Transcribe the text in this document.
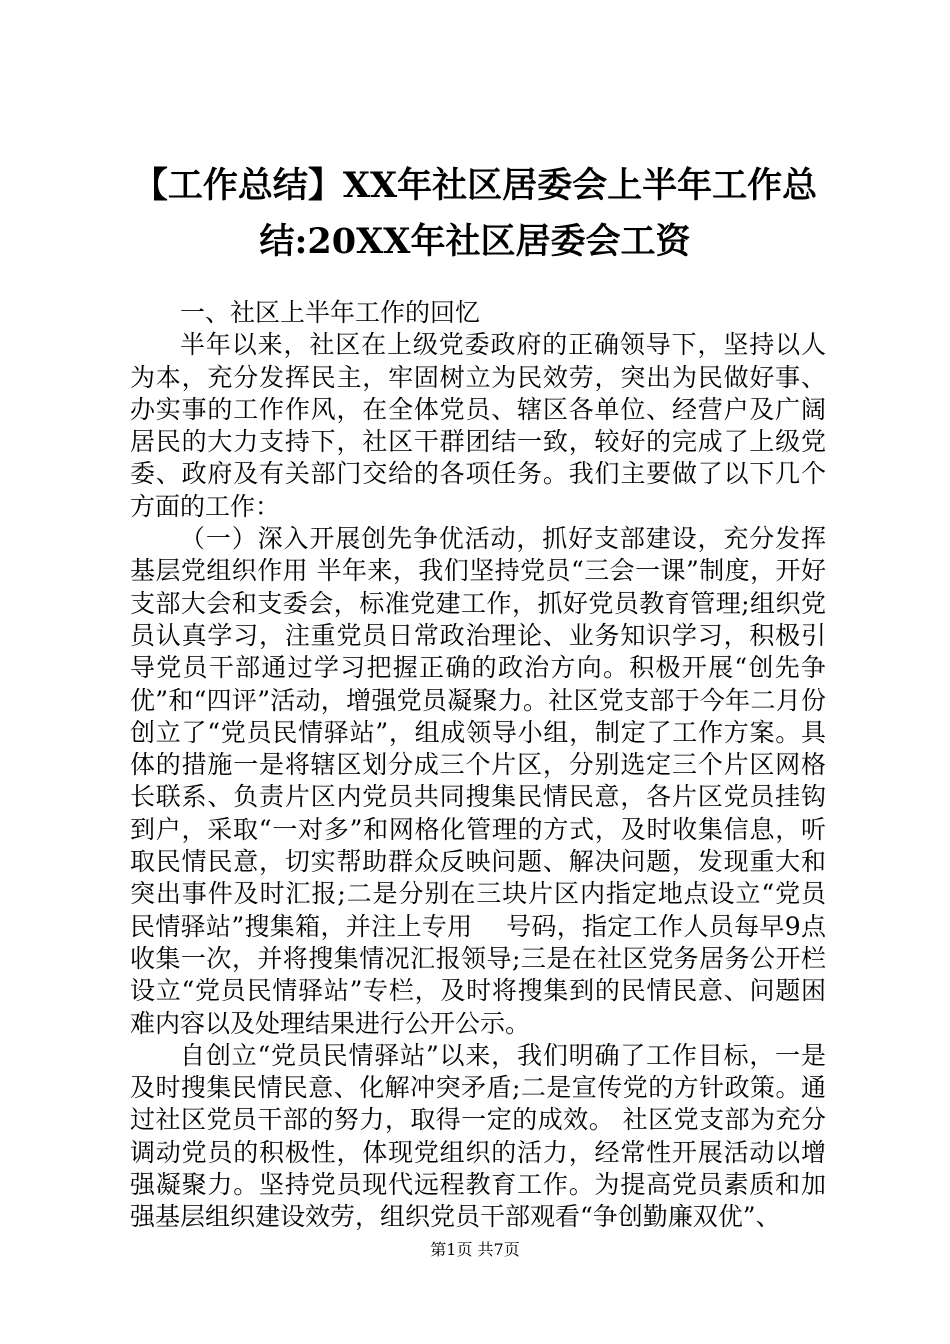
【工作总结】XX年社区居委会上半年工作总
结:20XX年社区居委会工资

一、社区上半年工作的回忆

半年以来，社区在上级党委政府的正确领导下，坚持以人为本，充分发挥民主，牢固树立为民效劳，突出为民做好事、办实事的工作作风，在全体党员、辖区各单位、经营户及广阔居民的大力支持下，社区干群团结一致，较好的完成了上级党委、政府及有关部门交给的各项任务。我们主要做了以下几个方面的工作：

（一）深入开展创先争优活动，抓好支部建设，充分发挥基层党组织作用 半年来，我们坚持党员“三会一课”制度，开好支部大会和支委会，标准党建工作，抓好党员教育管理;组织党员认真学习，注重党员日常政治理论、业务知识学习，积极引导党员干部通过学习把握正确的政治方向。积极开展“创先争优”和“四评”活动，增强党员凝聚力。社区党支部于今年二月份创立了“党员民情驿站”，组成领导小组，制定了工作方案。具体的措施一是将辖区划分成三个片区，分别选定三个片区网格长联系、负责片区内党员共同搜集民情民意，各片区党员挂钩到户，采取“一对多”和网格化管理的方式，及时收集信息，听取民情民意，切实帮助群众反映问题、解决问题，发现重大和突出事件及时汇报;二是分别在三块片区内指定地点设立“党员民情驿站”搜集箱，并注上专用　 号码，指定工作人员每早9点收集一次，并将搜集情况汇报领导;三是在社区党务居务公开栏设立“党员民情驿站”专栏，及时将搜集到的民情民意、问题困难内容以及处理结果进行公开公示。

自创立“党员民情驿站”以来，我们明确了工作目标，一是及时搜集民情民意、化解冲突矛盾;二是宣传党的方针政策。通过社区党员干部的努力，取得一定的成效。 社区党支部为充分调动党员的积极性，体现党组织的活力，经常性开展活动以增强凝聚力。坚持党员现代远程教育工作。为提高党员素质和加强基层组织建设效劳，组织党员干部观看“争创勤廉双优”、

第1页 共7页
